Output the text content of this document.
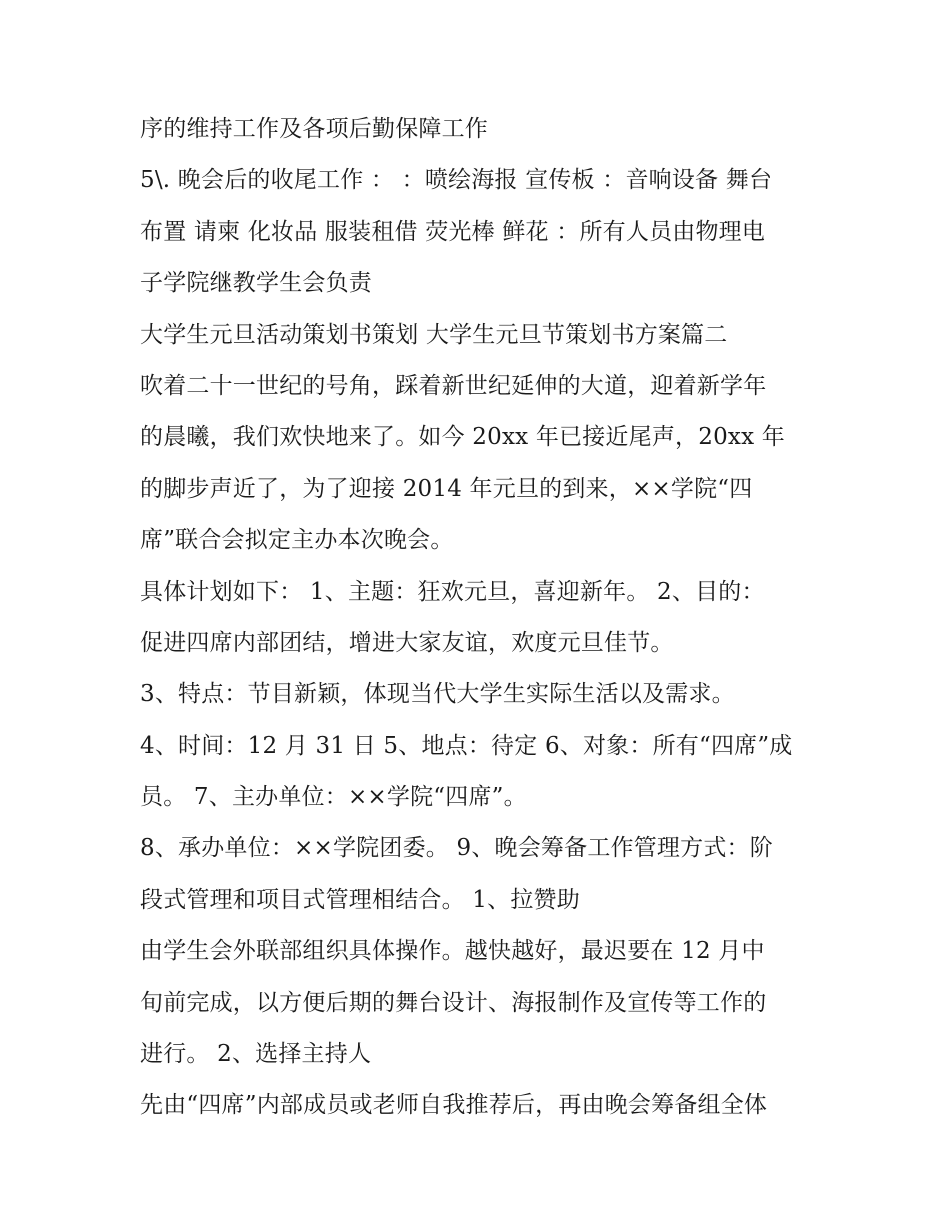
序的维持工作及各项后勤保障工作
5\. 晚会后的收尾工作 ： ：喷绘海报 宣传板 ：音响设备 舞台
布置 请柬 化妆品 服装租借 荧光棒 鲜花 ：所有人员由物理电
子学院继教学生会负责
大学生元旦活动策划书策划 大学生元旦节策划书方案篇二
吹着二十一世纪的号角，踩着新世纪延伸的大道，迎着新学年
的晨曦，我们欢快地来了。如今 20xx 年已接近尾声，20xx 年
的脚步声近了，为了迎接 2014 年元旦的到来，××学院“四
席”联合会拟定主办本次晚会。
具体计划如下： 1、主题：狂欢元旦，喜迎新年。 2、目的：
促进四席内部团结，增进大家友谊，欢度元旦佳节。
3、特点：节目新颖，体现当代大学生实际生活以及需求。
4、时间：12 月 31 日 5、地点：待定 6、对象：所有“四席”成
员。 7、主办单位：××学院“四席”。
8、承办单位：××学院团委。 9、晚会筹备工作管理方式：阶
段式管理和项目式管理相结合。 1、拉赞助
由学生会外联部组织具体操作。越快越好，最迟要在 12 月中
旬前完成，以方便后期的舞台设计、海报制作及宣传等工作的
进行。 2、选择主持人
先由“四席”内部成员或老师自我推荐后，再由晚会筹备组全体
